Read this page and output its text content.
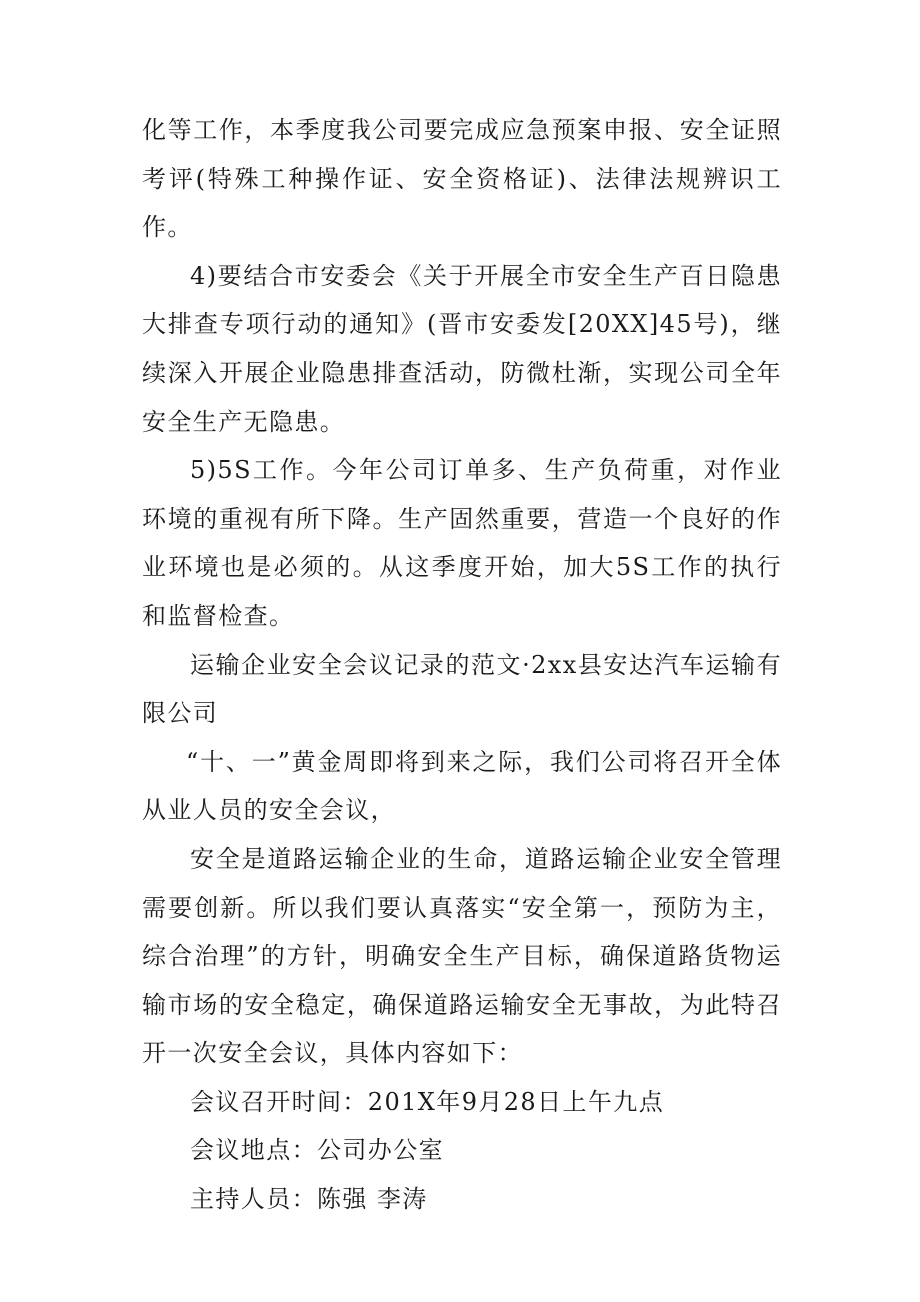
化等工作，本季度我公司要完成应急预案申报、安全证照考评(特殊工种操作证、安全资格证)、法律法规辨识工作。

4)要结合市安委会《关于开展全市安全生产百日隐患大排查专项行动的通知》(晋市安委发[20XX]45号)，继续深入开展企业隐患排查活动，防微杜渐，实现公司全年安全生产无隐患。

5)5S工作。今年公司订单多、生产负荷重，对作业环境的重视有所下降。生产固然重要，营造一个良好的作业环境也是必须的。从这季度开始，加大5S工作的执行和监督检查。

运输企业安全会议记录的范文·2xx县安达汽车运输有限公司

“十、一”黄金周即将到来之际，我们公司将召开全体从业人员的安全会议，

安全是道路运输企业的生命，道路运输企业安全管理需要创新。所以我们要认真落实“安全第一，预防为主，综合治理”的方针，明确安全生产目标，确保道路货物运输市场的安全稳定，确保道路运输安全无事故，为此特召开一次安全会议，具体内容如下：

会议召开时间：201X年9月28日上午九点

会议地点：公司办公室

主持人员：陈强 李涛
